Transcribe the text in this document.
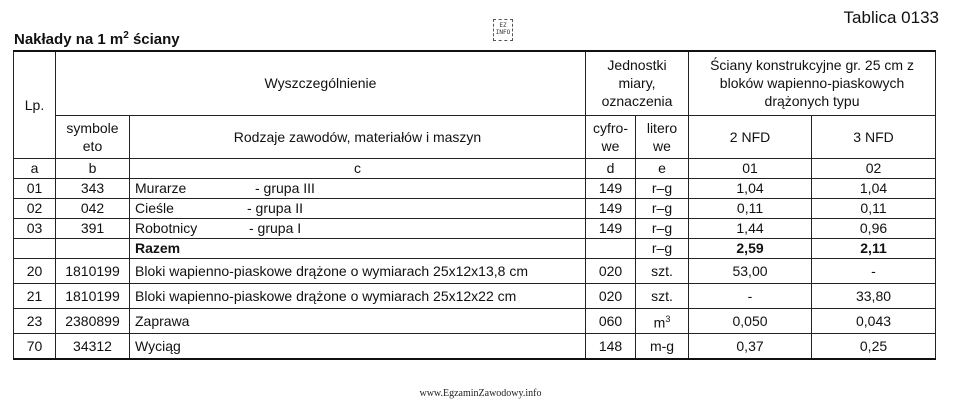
Tablica 0133
Nakłady na 1 $m^2$ ściany
EZ INFO
Lp.	Wyszczególnienie		Jednostki miary, oznaczenia		Ściany konstrukcyjne gr. 25 cm z bloków wapienno-piaskowych drążonych typu	
	symbole eto	Rodzaje zawodów, materiałów i maszyn	cyfro- we	litero we	2 NFD	3 NFD
a	b	c	d	e	01	02
01	343	Murarze - grupa III	149	r–g	1,04	1,04
02	042	Cieśle - grupa II	149	r–g	0,11	0,11
03	391	Robotnicy - grupa I	149	r–g	1,44	0,96
		Razem		r–g	2,59	2,11
20	1810199	Bloki wapienno-piaskowe drążone o wymiarach 25x12x13,8 cm	020	szt.	53,00	-
21	1810199	Bloki wapienno-piaskowe drążone o wymiarach 25x12x22 cm	020	szt.	-	33,80
23	2380899	Zaprawa	060	$m^3$	0,050	0,043
70	34312	Wyciąg	148	m-g	0,37	0,25
www.EgzaminZawodowy.info
